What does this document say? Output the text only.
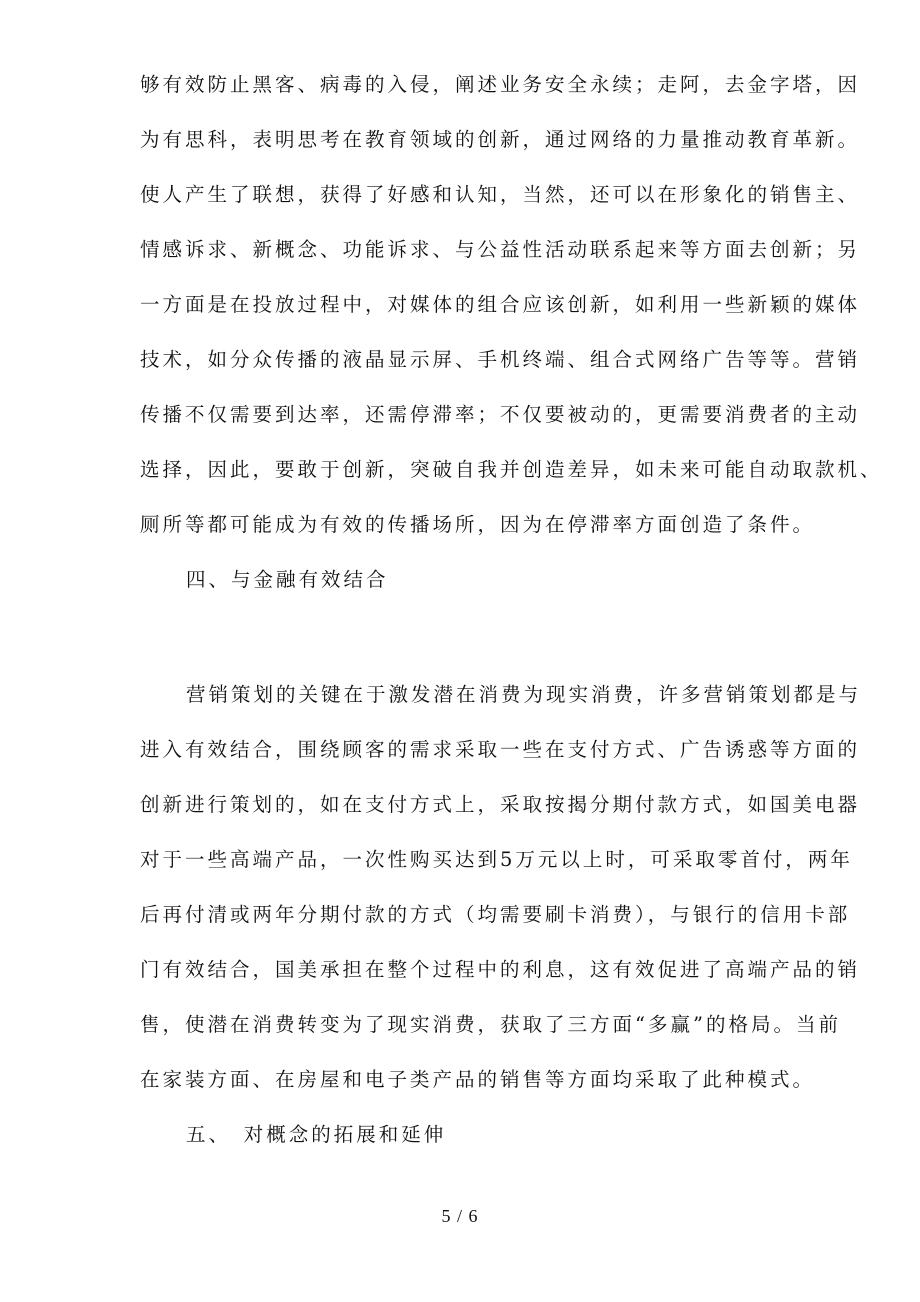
够有效防止黑客、病毒的入侵，阐述业务安全永续；走阿，去金字塔，因
为有思科，表明思考在教育领域的创新，通过网络的力量推动教育革新。
使人产生了联想，获得了好感和认知，当然，还可以在形象化的销售主、
情感诉求、新概念、功能诉求、与公益性活动联系起来等方面去创新；另
一方面是在投放过程中，对媒体的组合应该创新，如利用一些新颖的媒体
技术，如分众传播的液晶显示屏、手机终端、组合式网络广告等等。营销
传播不仅需要到达率，还需停滞率；不仅要被动的，更需要消费者的主动
选择，因此，要敢于创新，突破自我并创造差异，如未来可能自动取款机、
厕所等都可能成为有效的传播场所，因为在停滞率方面创造了条件。
四、与金融有效结合
营销策划的关键在于激发潜在消费为现实消费，许多营销策划都是与
进入有效结合，围绕顾客的需求采取一些在支付方式、广告诱惑等方面的
创新进行策划的，如在支付方式上，采取按揭分期付款方式，如国美电器
对于一些高端产品，一次性购买达到5万元以上时，可采取零首付，两年
后再付清或两年分期付款的方式（均需要刷卡消费），与银行的信用卡部
门有效结合，国美承担在整个过程中的利息，这有效促进了高端产品的销
售，使潜在消费转变为了现实消费，获取了三方面“多赢”的格局。当前
在家装方面、在房屋和电子类产品的销售等方面均采取了此种模式。
五、　对概念的拓展和延伸
5 / 6
